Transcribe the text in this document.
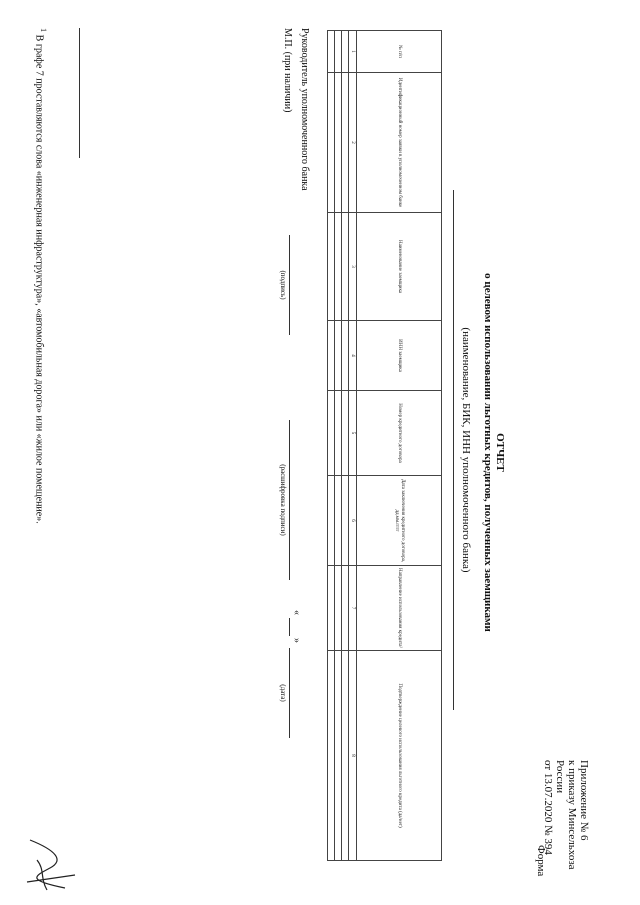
Приложение № 6
к приказу Минсельхоза России
от 13.07.2020 № 394
Форма
ОТЧЕТ
о целевом использовании льготных кредитов, полученных заемщиками
(наименование, БИК, ИНН уполномоченного банка)
№ п/п	Идентификационный номер заявки в уполномоченном банке	Наименование заемщика	ИНН заемщика	Номер кредитного договора	Дата заключения кредитного договора, дд.мм.гггг	Направление использования кредита¹	Подтверждение целевого использования льготного кредита (да/нет)
1	2	3	4	5	6	7	8

Руководитель уполномоченного банка
М.П. (при наличии)
(подпись)
(расшифровка подписи)
«
»
(дата)
$^1$ В графе 7 проставляются слова «инженерная инфраструктура», «автомобильная дорога» или «жилое помещение».
